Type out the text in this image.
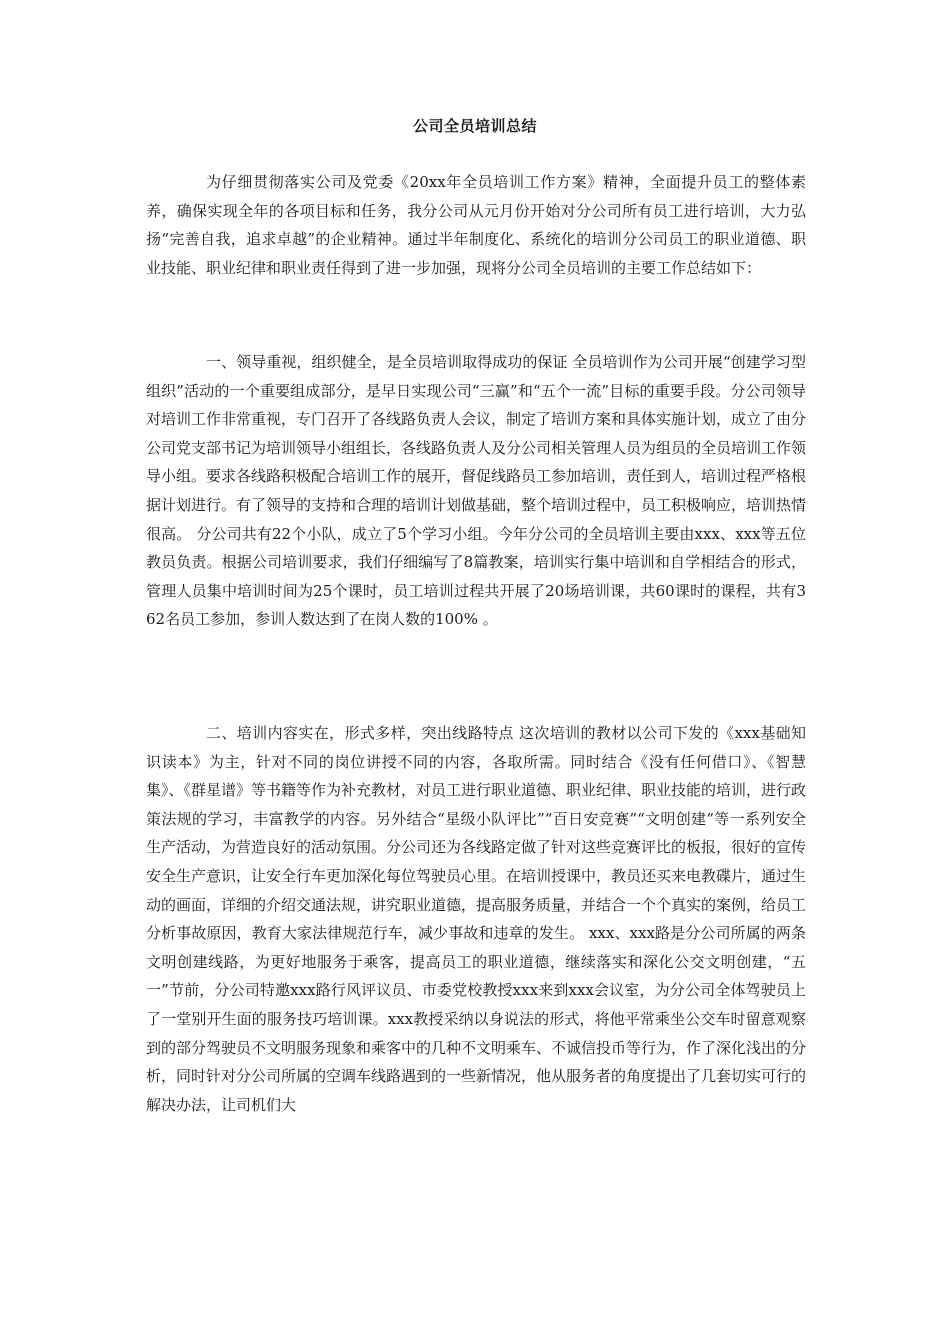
公司全员培训总结

为仔细贯彻落实公司及党委《20xx年全员培训工作方案》精神，全面提升员工的整体素养，确保实现全年的各项目标和任务，我分公司从元月份开始对分公司所有员工进行培训，大力弘扬“完善自我，追求卓越”的企业精神。通过半年制度化、系统化的培训分公司员工的职业道德、职业技能、职业纪律和职业责任得到了进一步加强，现将分公司全员培训的主要工作总结如下：

一、领导重视，组织健全，是全员培训取得成功的保证 全员培训作为公司开展“创建学习型组织”活动的一个重要组成部分，是早日实现公司“三赢”和“五个一流”目标的重要手段。分公司领导对培训工作非常重视，专门召开了各线路负责人会议，制定了培训方案和具体实施计划，成立了由分公司党支部书记为培训领导小组组长，各线路负责人及分公司相关管理人员为组员的全员培训工作领导小组。要求各线路积极配合培训工作的展开，督促线路员工参加培训，责任到人，培训过程严格根据计划进行。有了领导的支持和合理的培训计划做基础，整个培训过程中，员工积极响应，培训热情很高。 分公司共有22个小队，成立了5个学习小组。今年分公司的全员培训主要由xxx、xxx等五位教员负责。根据公司培训要求，我们仔细编写了8篇教案，培训实行集中培训和自学相结合的形式，管理人员集中培训时间为25个课时，员工培训过程共开展了20场培训课，共60课时的课程，共有362名员工参加，参训人数达到了在岗人数的100% 。

二、培训内容实在，形式多样，突出线路特点 这次培训的教材以公司下发的《xxx基础知识读本》为主，针对不同的岗位讲授不同的内容，各取所需。同时结合《没有任何借口》、《智慧集》、《群星谱》等书籍等作为补充教材，对员工进行职业道德、职业纪律、职业技能的培训，进行政策法规的学习，丰富教学的内容。另外结合“星级小队评比”“百日安竞赛”“文明创建”等一系列安全生产活动，为营造良好的活动氛围。分公司还为各线路定做了针对这些竞赛评比的板报，很好的宣传安全生产意识，让安全行车更加深化每位驾驶员心里。在培训授课中，教员还买来电教碟片，通过生动的画面，详细的介绍交通法规，讲究职业道德，提高服务质量，并结合一个个真实的案例，给员工分析事故原因，教育大家法律规范行车，减少事故和违章的发生。 xxx、xxx路是分公司所属的两条文明创建线路，为更好地服务于乘客，提高员工的职业道德，继续落实和深化公交文明创建，“五一”节前，分公司特邀xxx路行风评议员、市委党校教授xxx来到xxx会议室，为分公司全体驾驶员上了一堂别开生面的服务技巧培训课。xxx教授采纳以身说法的形式，将他平常乘坐公交车时留意观察到的部分驾驶员不文明服务现象和乘客中的几种不文明乘车、不诚信投币等行为，作了深化浅出的分析，同时针对分公司所属的空调车线路遇到的一些新情况，他从服务者的角度提出了几套切实可行的解决办法，让司机们大
